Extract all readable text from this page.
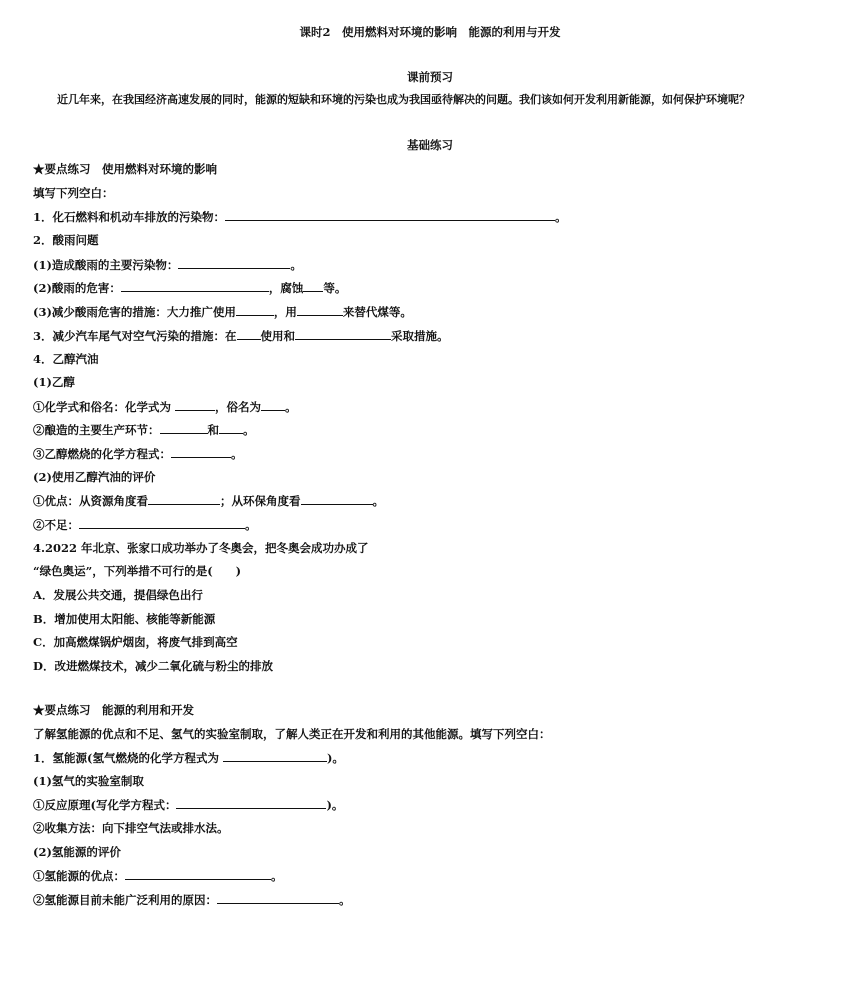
课时2　使用燃料对环境的影响　能源的利用与开发
课前预习
近几年来，在我国经济高速发展的同时，能源的短缺和环境的污染也成为我国亟待解决的问题。我们该如何开发利用新能源，如何保护环境呢？
基础练习
★要点练习　使用燃料对环境的影响
填写下列空白：
1．化石燃料和机动车排放的污染物：	。
2．酸雨问题
(1)造成酸雨的主要污染物：	。
(2)酸雨的危害：	，腐蚀 等。
(3)减少酸雨危害的措施：大力推广使用	，用	来替代煤等。
3．减少汽车尾气对空气污染的措施：在 使用和	采取措施。
4．乙醇汽油
(1)乙醇
①化学式和俗名：化学式为	，俗名为 。
②酿造的主要生产环节：	和 。
③乙醇燃烧的化学方程式：	。
(2)使用乙醇汽油的评价
①优点：从资源角度看	；从环保角度看	。
②不足：	。
4.2022 年北京、张家口成功举办了冬奥会，把冬奥会成功办成了
“绿色奥运”，下列举措不可行的是(　　)
A．发展公共交通，提倡绿色出行
B．增加使用太阳能、核能等新能源
C．加高燃煤锅炉烟囱，将废气排到高空
D．改进燃煤技术，减少二氧化硫与粉尘的排放
★要点练习　能源的利用和开发
了解氢能源的优点和不足、氢气的实验室制取，了解人类正在开发和利用的其他能源。填写下列空白：
1．氢能源(氢气燃烧的化学方程式为	)。
(1)氢气的实验室制取
①反应原理(写化学方程式：	)。
②收集方法：向下排空气法或排水法。
(2)氢能源的评价
①氢能源的优点：	。
②氢能源目前未能广泛利用的原因：	。
